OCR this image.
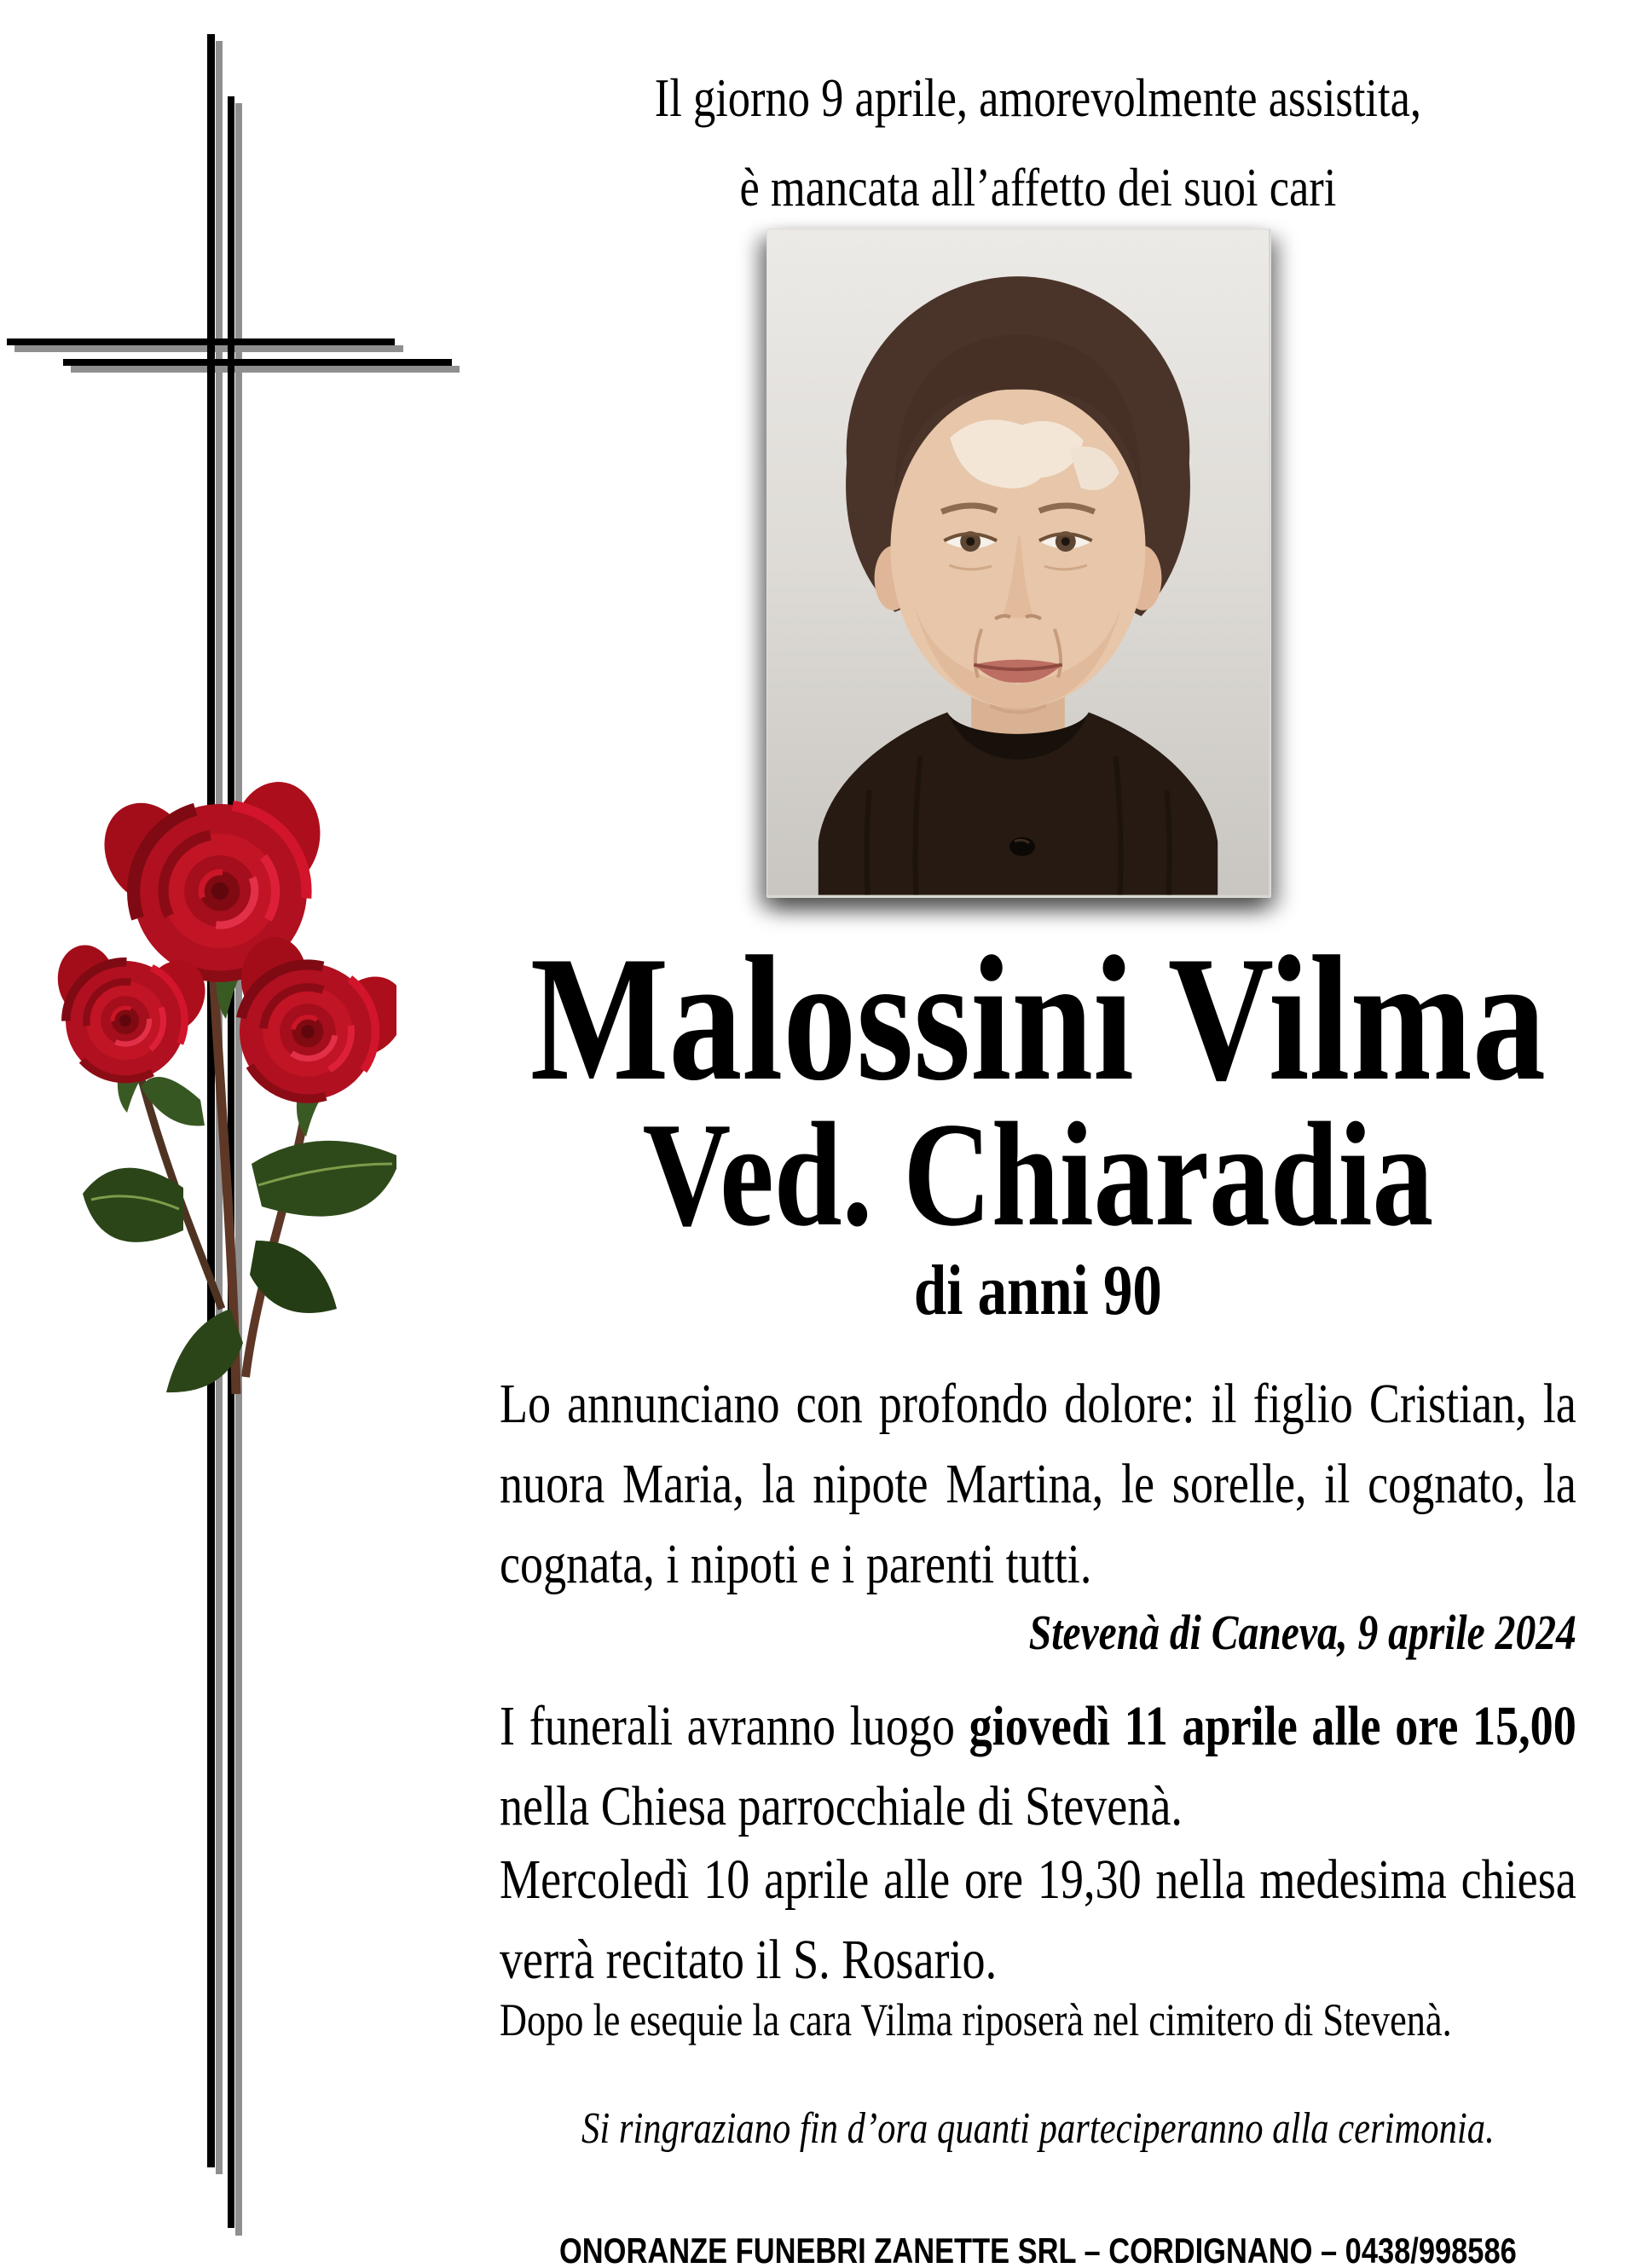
Il giorno 9 aprile, amorevolmente assistita,
è mancata all’affetto dei suoi cari
Malossini Vilma
Ved. Chiaradia
di anni 90
Lo annunciano con profondo dolore: il figlio Cristian, la
nuora Maria, la nipote Martina, le sorelle, il cognato, la
cognata, i nipoti e i parenti tutti.
Stevenà di Caneva, 9 aprile 2024
I funerali avranno luogo giovedì 11 aprile alle ore 15,00
nella Chiesa parrocchiale di Stevenà.
Mercoledì 10 aprile alle ore 19,30 nella medesima chiesa
verrà recitato il S. Rosario.
Dopo le esequie la cara Vilma riposerà nel cimitero di Stevenà.
Si ringraziano fin d’ora quanti parteciperanno alla cerimonia.
ONORANZE FUNEBRI ZANETTE SRL – CORDIGNANO – 0438/998586
